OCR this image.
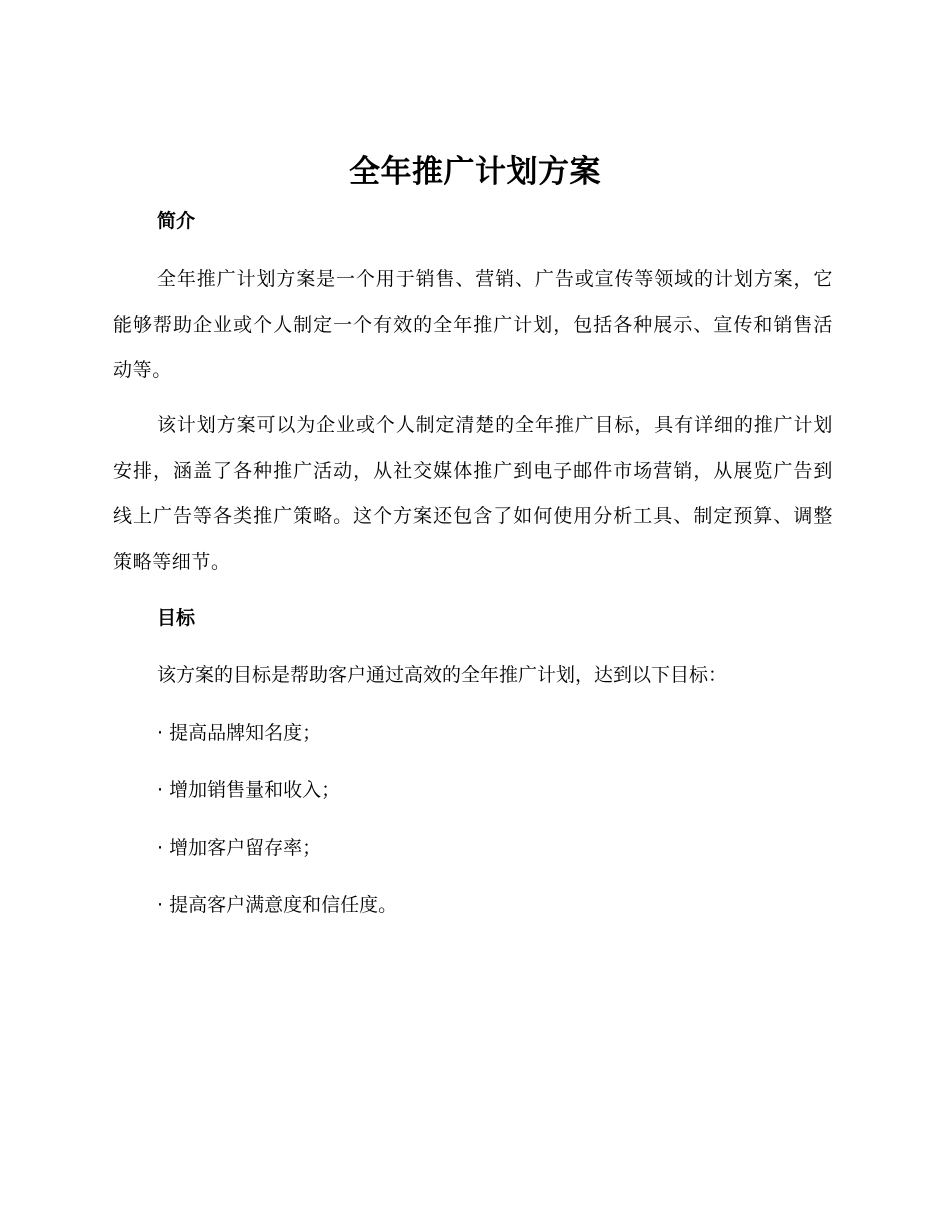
全年推广计划方案
简介

全年推广计划方案是一个用于销售、营销、广告或宣传等领域的计划方案，它能够帮助企业或个人制定一个有效的全年推广计划，包括各种展示、宣传和销售活动等。

该计划方案可以为企业或个人制定清楚的全年推广目标，具有详细的推广计划安排，涵盖了各种推广活动，从社交媒体推广到电子邮件市场营销，从展览广告到线上广告等各类推广策略。这个方案还包含了如何使用分析工具、制定预算、调整策略等细节。

目标

该方案的目标是帮助客户通过高效的全年推广计划，达到以下目标：

· 提高品牌知名度；

· 增加销售量和收入；

· 增加客户留存率；

· 提高客户满意度和信任度。
